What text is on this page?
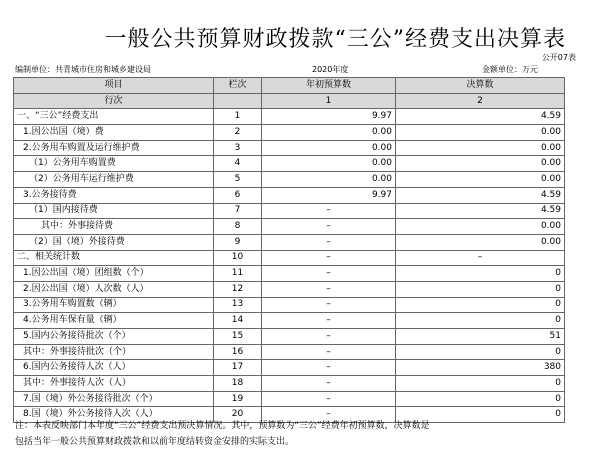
一般公共预算财政拨款“三公”经费支出决算表
公开07表
编制单位：共青城市住房和城乡建设局	2020年度	金额单位：万元
项目	栏次	年初预算数	决算数
行次		1	2
一、“三公”经费支出	1	9.97	4.59
1.因公出国（境）费	2	0.00	0.00
2.公务用车购置及运行维护费	3	0.00	0.00
（1）公务用车购置费	4	0.00	0.00
（2）公务用车运行维护费	5	0.00	0.00
3.公务接待费	6	9.97	4.59
（1）国内接待费	7	–	4.59
其中：外事接待费	8	–	0.00
（2）国（境）外接待费	9	–	0.00
二、相关统计数	10	–	–
1.因公出国（境）团组数（个）	11	–	0
2.因公出国（境）人次数（人）	12	–	0
3.公务用车购置数（辆）	13	–	0
4.公务用车保有量（辆）	14	–	0
5.国内公务接待批次（个）	15	–	51
其中：外事接待批次（个）	16	–	0
6.国内公务接待人次（人）	17	–	380
其中：外事接待人次（人）	18	–	0
7.国（境）外公务接待批次（个）	19	–	0
8.国（境）外公务接待人次（人）	20	–	0
注：本表反映部门本年度“三公”经费支出预决算情况。其中，预算数为“三公”经费年初预算数，决算数是
包括当年一般公共预算财政拨款和以前年度结转资金安排的实际支出。
